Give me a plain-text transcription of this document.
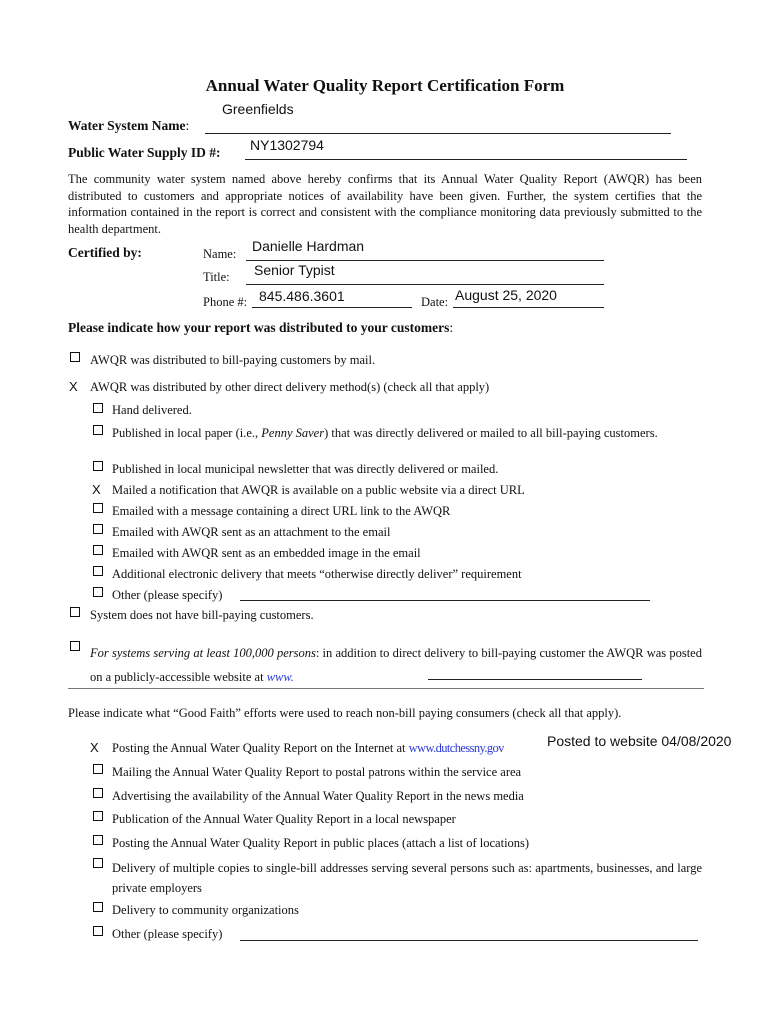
Annual Water Quality Report Certification Form
Greenfields
Water System Name:
NY1302794
Public Water Supply ID #:
The community water system named above hereby confirms that its Annual Water Quality Report (AWQR) has been distributed to customers and appropriate notices of availability have been given. Further, the system certifies that the information contained in the report is correct and consistent with the compliance monitoring data previously submitted to the health department.
Certified by:	Name: Danielle Hardman
Title: Senior Typist
Phone #: 845.486.3601	Date: August 25, 2020
Please indicate how your report was distributed to your customers:
AWQR was distributed to bill-paying customers by mail.
X AWQR was distributed by other direct delivery method(s) (check all that apply)
Hand delivered.
Published in local paper (i.e., Penny Saver) that was directly delivered or mailed to all bill-paying customers.
Published in local municipal newsletter that was directly delivered or mailed.
X Mailed a notification that AWQR is available on a public website via a direct URL
Emailed with a message containing a direct URL link to the AWQR
Emailed with AWQR sent as an attachment to the email
Emailed with AWQR sent as an embedded image in the email
Additional electronic delivery that meets “otherwise directly deliver” requirement
Other (please specify)
System does not have bill-paying customers.
For systems serving at least 100,000 persons: in addition to direct delivery to bill-paying customer the AWQR was posted on a publicly-accessible website at www.
Please indicate what “Good Faith” efforts were used to reach non-bill paying consumers (check all that apply).
X Posting the Annual Water Quality Report on the Internet at www.dutchessny.gov	Posted to website 04/08/2020
Mailing the Annual Water Quality Report to postal patrons within the service area
Advertising the availability of the Annual Water Quality Report in the news media
Publication of the Annual Water Quality Report in a local newspaper
Posting the Annual Water Quality Report in public places (attach a list of locations)
Delivery of multiple copies to single-bill addresses serving several persons such as: apartments, businesses, and large private employers
Delivery to community organizations
Other (please specify)
